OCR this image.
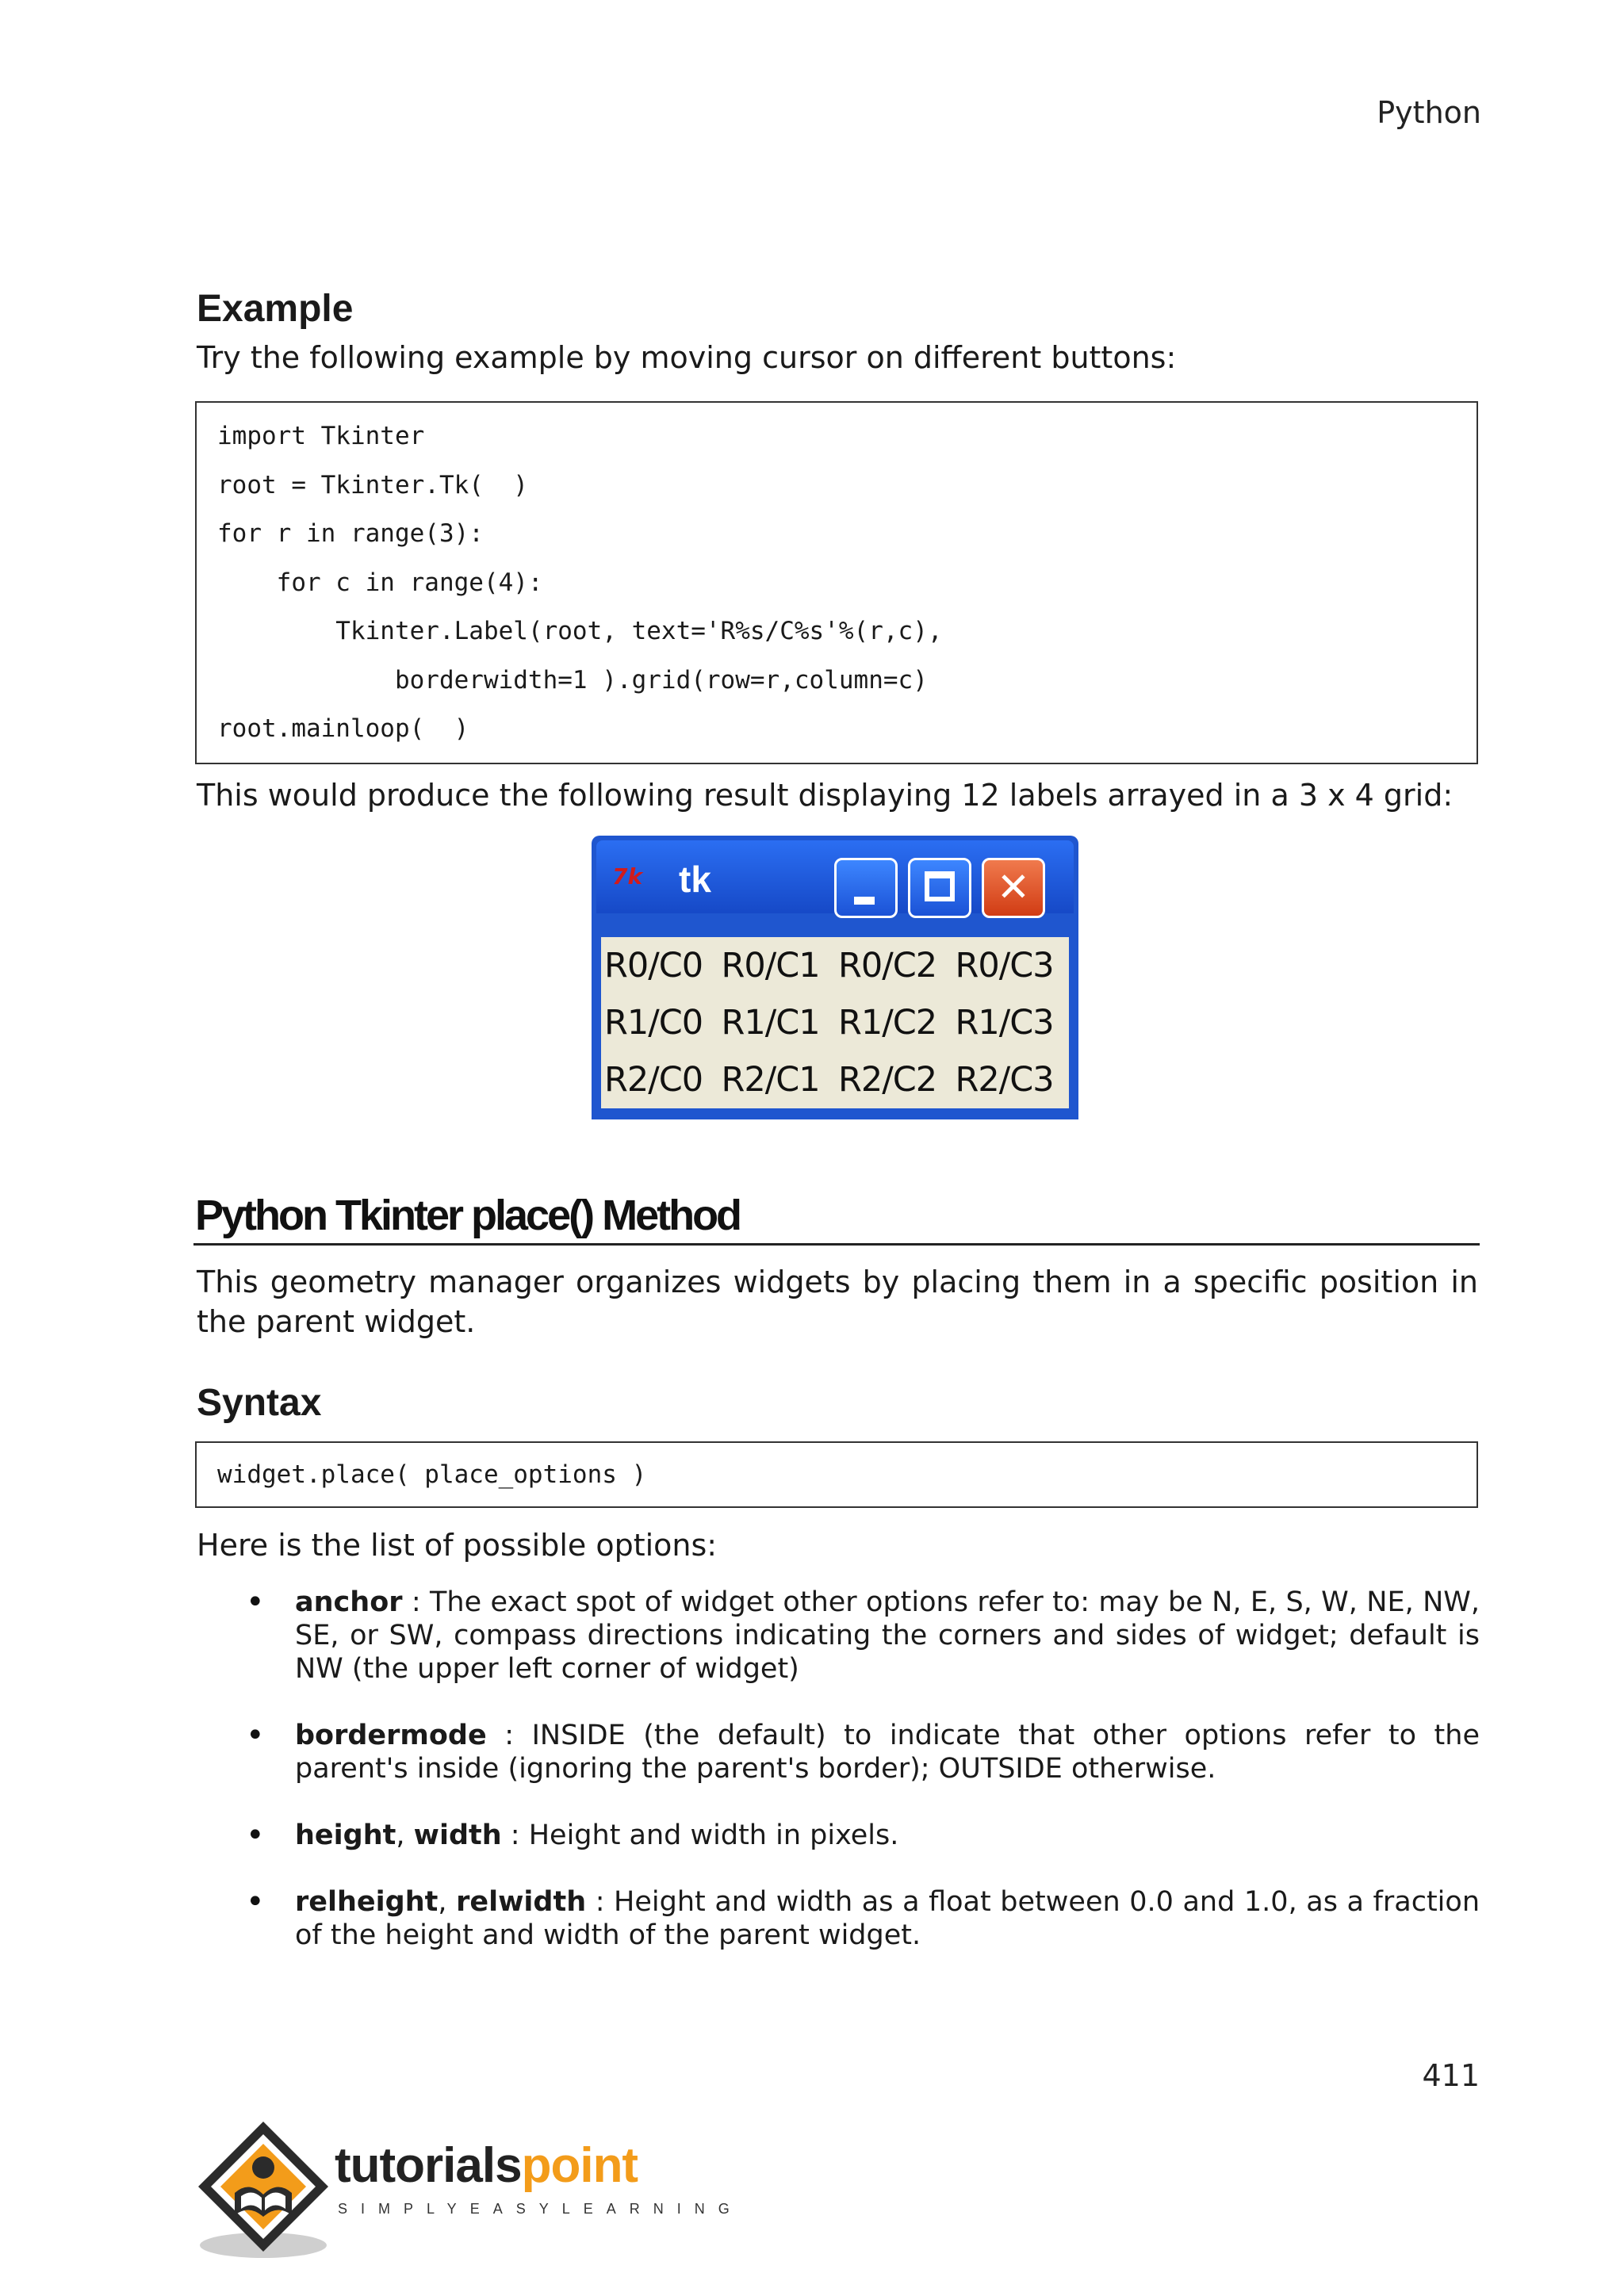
Python
Example
Try the following example by moving cursor on different buttons:
import Tkinter
root = Tkinter.Tk(  )
for r in range(3):
for c in range(4):
Tkinter.Label(root, text='R%s/C%s'%(r,c),
borderwidth=1 ).grid(row=r,column=c)
root.mainloop(  )
This would produce the following result displaying 12 labels arrayed in a 3 x 4 grid:
7k tk	✕
R0/C0 R0/C1 R0/C2 R0/C3
R1/C0 R1/C1 R1/C2 R1/C3
R2/C0 R2/C1 R2/C2 R2/C3
Python Tkinter place() Method
This geometry manager organizes widgets by placing them in a specific position in the parent widget.
Syntax
widget.place( place_options )
Here is the list of possible options:
• anchor : The exact spot of widget other options refer to: may be N, E, S, W, NE, NW, SE, or SW, compass directions indicating the corners and sides of widget; default is NW (the upper left corner of widget)
• bordermode : INSIDE (the default) to indicate that other options refer to the parent's inside (ignoring the parent's border); OUTSIDE otherwise.
• height, width : Height and width in pixels.
• relheight, relwidth : Height and width as a float between 0.0 and 1.0, as a fraction of the height and width of the parent widget.
411
tutorialspoint
SIMPLYEASYLEARNING
